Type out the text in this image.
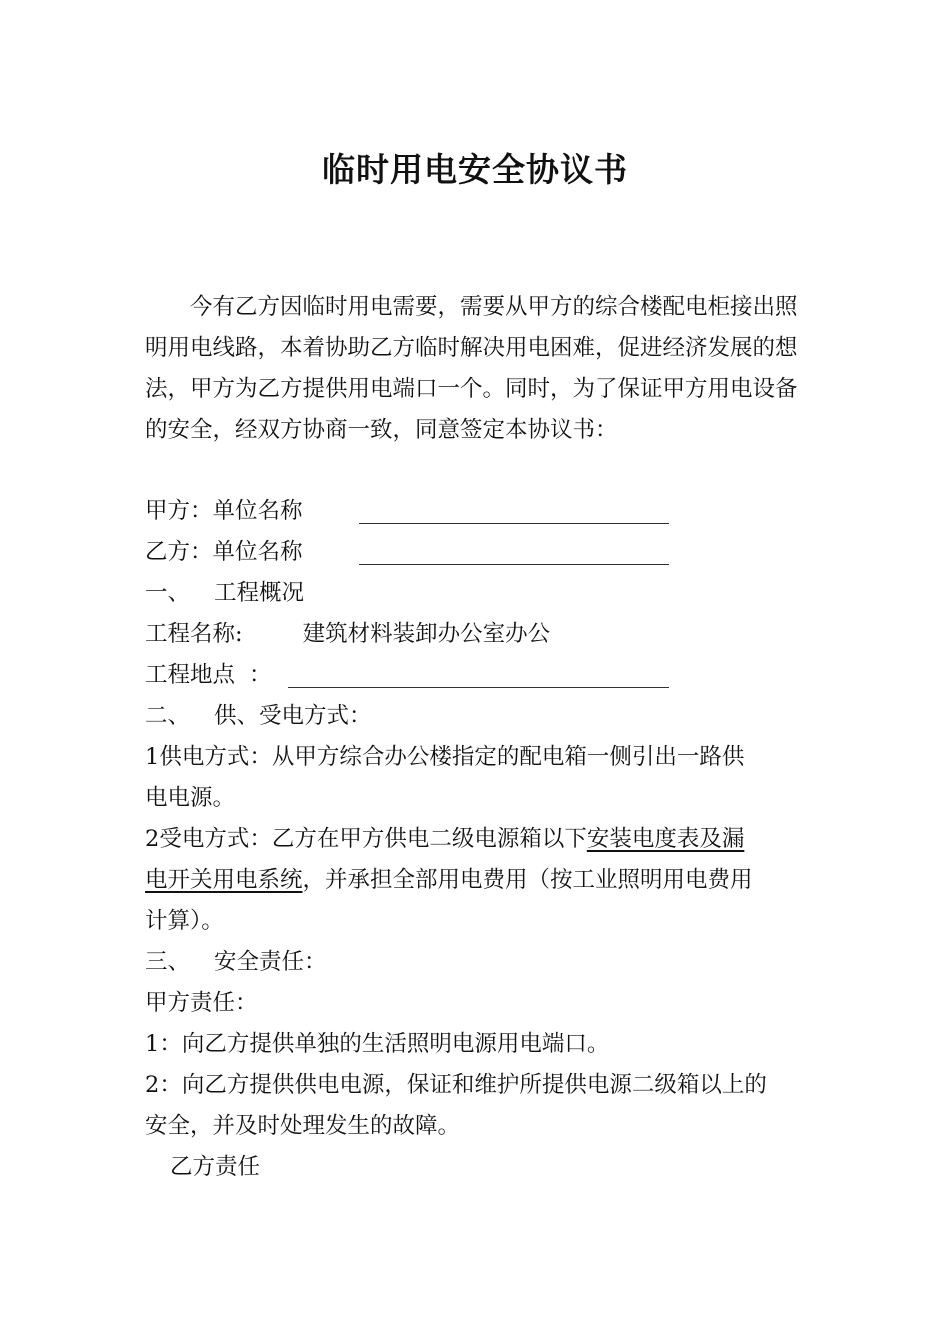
临时用电安全协议书
今有乙方因临时用电需要，需要从甲方的综合楼配电柜接出照明用电线路，本着协助乙方临时解决用电困难，促进经济发展的想法，甲方为乙方提供用电端口一个。同时，为了保证甲方用电设备的安全，经双方协商一致，同意签定本协议书：
甲方：单位名称
乙方：单位名称
一、 工程概况
工程名称:	建筑材料装卸办公室办公
工程地点 ：
二、 供、受电方式：
1供电方式：从甲方综合办公楼指定的配电箱一侧引出一路供
电电源。
2受电方式：乙方在甲方供电二级电源箱以下安装电度表及漏
电开关用电系统，并承担全部用电费用（按工业照明用电费用
计算）。
三、 安全责任：
甲方责任：
1：向乙方提供单独的生活照明电源用电端口。
2：向乙方提供供电电源，保证和维护所提供电源二级箱以上的
安全，并及时处理发生的故障。
乙方责任
